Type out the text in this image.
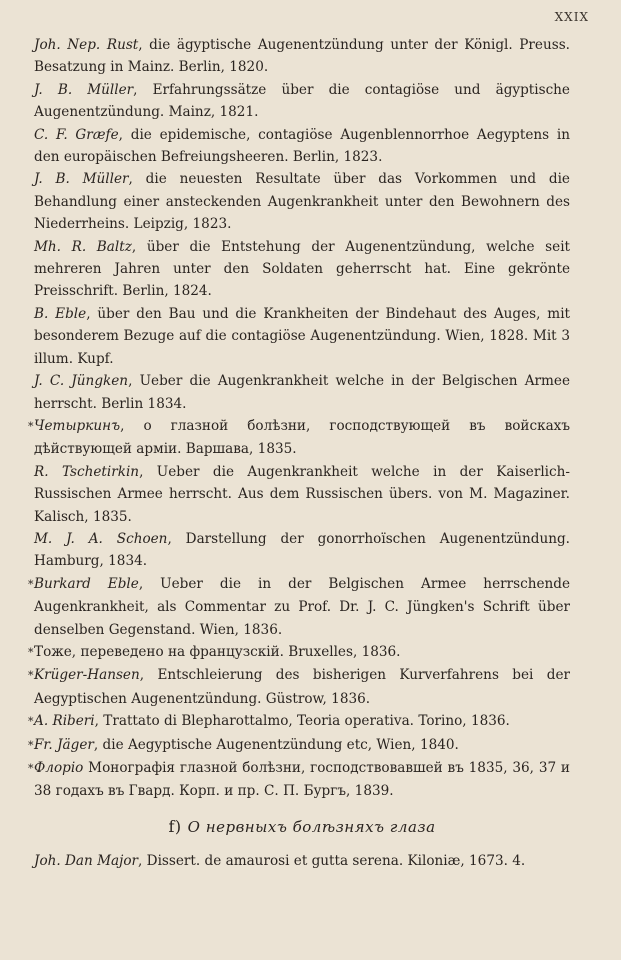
XXIX

Joh. Nep. Rust, die ägyptische Augenentzündung unter der Königl. Preuss. Besatzung in Mainz. Berlin, 1820.

J. B. Müller, Erfahrungssätze über die contagiöse und ägyptische Augenentzündung. Mainz, 1821.

C. F. Græfe, die epidemische, contagiöse Augenblennorrhoe Aegyptens in den europäischen Befreiungsheeren. Berlin, 1823.

J. B. Müller, die neuesten Resultate über das Vorkommen und die Behandlung einer ansteckenden Augenkrankheit unter den Bewohnern des Niederrheins. Leipzig, 1823.

Mh. R. Baltz, über die Entstehung der Augenentzündung, welche seit mehreren Jahren unter den Soldaten geherrscht hat. Eine gekrönte Preisschrift. Berlin, 1824.

B. Eble, über den Bau und die Krankheiten der Bindehaut des Auges, mit besonderem Bezuge auf die contagiöse Augenentzündung. Wien, 1828. Mit 3 illum. Kupf.

J. C. Jüngken, Ueber die Augenkrankheit welche in der Belgischen Armee herrscht. Berlin 1834.

*Четыркинъ, о глазной болѣзни, господствующей въ войскахъ дѣйствующей арміи. Варшава, 1835.

R. Tschetirkin, Ueber die Augenkrankheit welche in der Kaiserlich-Russischen Armee herrscht. Aus dem Russischen übers. von M. Magaziner. Kalisch, 1835.

M. J. A. Schoen, Darstellung der gonorrhoïschen Augenentzündung. Hamburg, 1834.

*Burkard Eble, Ueber die in der Belgischen Armee herrschende Augenkrankheit, als Commentar zu Prof. Dr. J. C. Jüngken's Schrift über denselben Gegenstand. Wien, 1836.

*Тоже, переведено на французскій. Bruxelles, 1836.

*Krüger-Hansen, Entschleierung des bisherigen Kurverfahrens bei der Aegyptischen Augenentzündung. Güstrow, 1836.

*A. Riberi, Trattato di Blepharottalmo, Teoria operativa. Torino, 1836.

*Fr. Jäger, die Aegyptische Augenentzündung etc, Wien, 1840.

*Флоріо Монографія глазной болѣзни, господствовавшей въ 1835, 36, 37 и 38 годахъ въ Гвард. Корп. и пр. С. П. Бургъ, 1839.

f) О нервныхъ болѣзняхъ глаза

Joh. Dan Major, Dissert. de amaurosi et gutta serena. Kiloniæ, 1673. 4.
